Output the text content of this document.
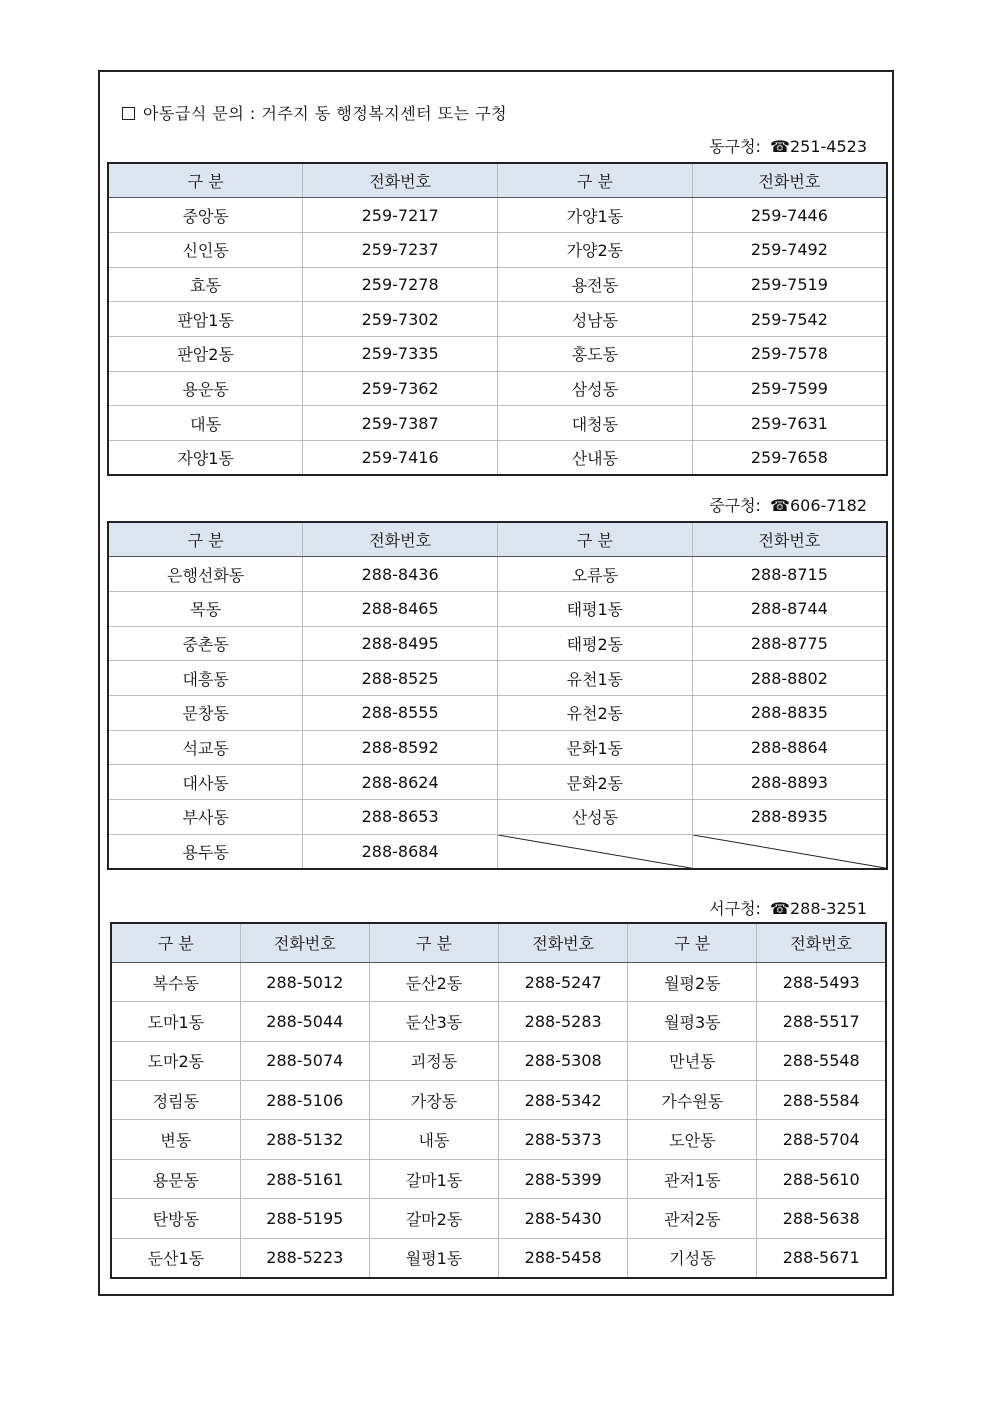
아동급식 문의 : 거주지 동 행정복지센터 또는 구청
동구청: ☎251-4523
구 분	전화번호	구 분	전화번호
중앙동	259-7217	가양1동	259-7446
신인동	259-7237	가양2동	259-7492
효동	259-7278	용전동	259-7519
판암1동	259-7302	성남동	259-7542
판암2동	259-7335	홍도동	259-7578
용운동	259-7362	삼성동	259-7599
대동	259-7387	대청동	259-7631
자양1동	259-7416	산내동	259-7658
중구청: ☎606-7182
구 분	전화번호	구 분	전화번호
은행선화동	288-8436	오류동	288-8715
목동	288-8465	태평1동	288-8744
중촌동	288-8495	태평2동	288-8775
대흥동	288-8525	유천1동	288-8802
문창동	288-8555	유천2동	288-8835
석교동	288-8592	문화1동	288-8864
대사동	288-8624	문화2동	288-8893
부사동	288-8653	산성동	288-8935
용두동	288-8684	

서구청: ☎288-3251
구 분	전화번호	구 분	전화번호	구 분	전화번호
복수동	288-5012	둔산2동	288-5247	월평2동	288-5493
도마1동	288-5044	둔산3동	288-5283	월평3동	288-5517
도마2동	288-5074	괴정동	288-5308	만년동	288-5548
정림동	288-5106	가장동	288-5342	가수원동	288-5584
변동	288-5132	내동	288-5373	도안동	288-5704
용문동	288-5161	갈마1동	288-5399	관저1동	288-5610
탄방동	288-5195	갈마2동	288-5430	관저2동	288-5638
둔산1동	288-5223	월평1동	288-5458	기성동	288-5671
